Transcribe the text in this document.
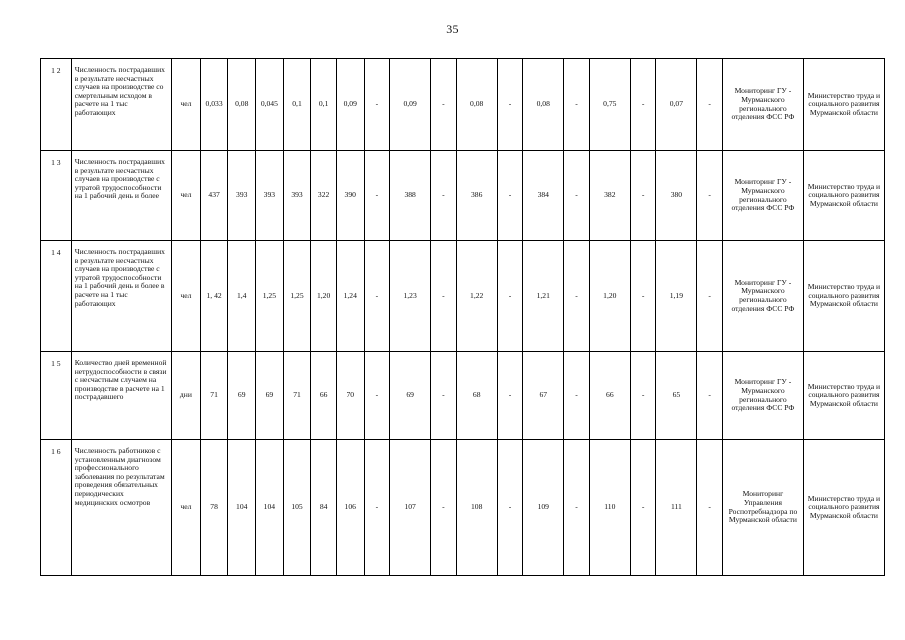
35
1 2	Численность пострадавших в результате несчастных случаев на производстве со смертельным исходом в расчете на 1 тыс работающих	чел	0,033	0,08	0,045	0,1	0,1	0,09	-	0,09	-	0,08	-	0,08	-	0,75	-	0,07	-	Мониторинг ГУ - Мурманского регионального отделения ФСС РФ	Министерство труда и социального развития Мурманской области
1 3	Численность пострадавших в результате несчастных случаев на производстве с утратой трудоспособности на 1 рабочий день и более	чел	437	393	393	393	322	390	-	388	-	386	-	384	-	382	-	380	-	Мониторинг ГУ - Мурманского регионального отделения ФСС РФ	Министерство труда и социального развития Мурманской области
1 4	Численность пострадавших в результате несчастных случаев на производстве с утратой трудоспособности на 1 рабочий день и более в расчете на 1 тыс работающих	чел	1, 42	1,4	1,25	1,25	1,20	1,24	-	1,23	-	1,22	-	1,21	-	1,20	-	1,19	-	Мониторинг ГУ - Мурманского регионального отделения ФСС РФ	Министерство труда и социального развития Мурманской области
1 5	Количество дней временной нетрудоспособности в связи с несчастным случаем на производстве в расчете на 1 пострадавшего	дни	71	69	69	71	66	70	-	69	-	68	-	67	-	66	-	65	-	Мониторинг ГУ - Мурманского регионального отделения ФСС РФ	Министерство труда и социального развития Мурманской области
1 6	Численность работников с установленным диагнозом профессионального заболевания по результатам проведения обязательных периодических медицинских осмотров	чел	78	104	104	105	84	106	-	107	-	108	-	109	-	110	-	111	-	Мониторинг Управления Роспотребнадзора по Мурманской области	Министерство труда и социального развития Мурманской области
